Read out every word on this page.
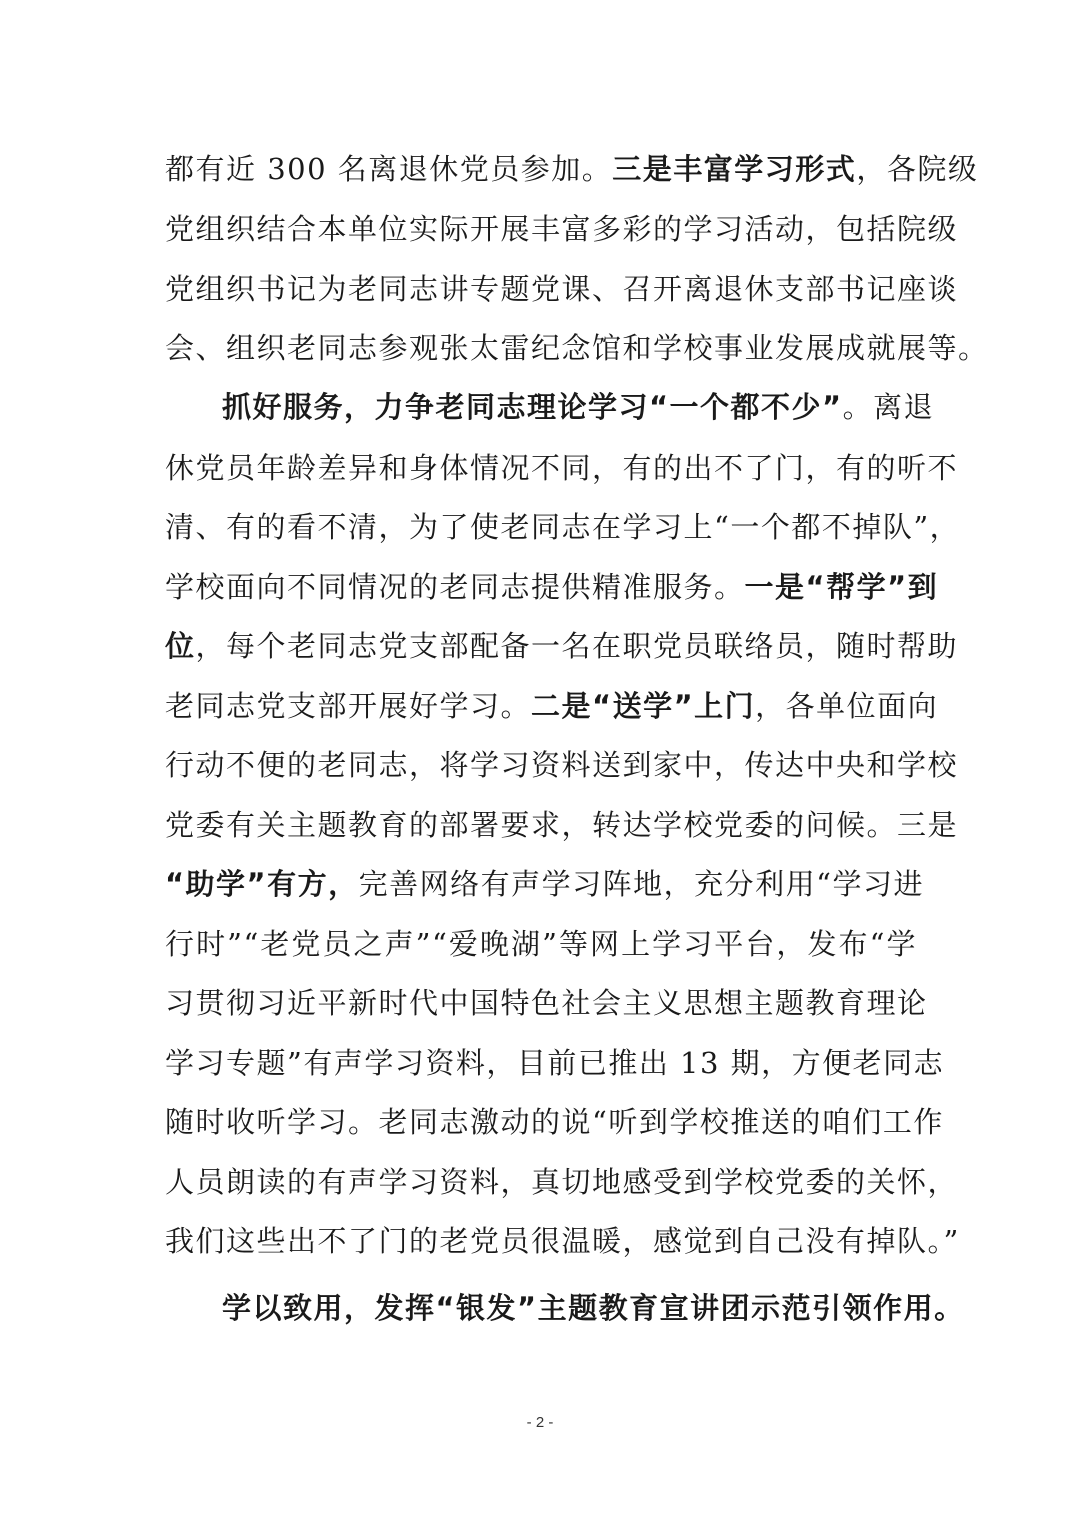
都有近 300 名离退休党员参加。三是丰富学习形式，各院级
党组织结合本单位实际开展丰富多彩的学习活动，包括院级
党组织书记为老同志讲专题党课、召开离退休支部书记座谈
会、组织老同志参观张太雷纪念馆和学校事业发展成就展等。
抓好服务，力争老同志理论学习“一个都不少”。离退
休党员年龄差异和身体情况不同，有的出不了门，有的听不
清、有的看不清，为了使老同志在学习上“一个都不掉队”，
学校面向不同情况的老同志提供精准服务。一是“帮学”到
位，每个老同志党支部配备一名在职党员联络员，随时帮助
老同志党支部开展好学习。二是“送学”上门，各单位面向
行动不便的老同志，将学习资料送到家中，传达中央和学校
党委有关主题教育的部署要求，转达学校党委的问候。三是
“助学”有方，完善网络有声学习阵地，充分利用“学习进
行时”“老党员之声”“爱晚湖”等网上学习平台，发布“学
习贯彻习近平新时代中国特色社会主义思想主题教育理论
学习专题”有声学习资料，目前已推出 13 期，方便老同志
随时收听学习。老同志激动的说“听到学校推送的咱们工作
人员朗读的有声学习资料，真切地感受到学校党委的关怀，
我们这些出不了门的老党员很温暖，感觉到自己没有掉队。”
学以致用，发挥“银发”主题教育宣讲团示范引领作用。
- 2 -
